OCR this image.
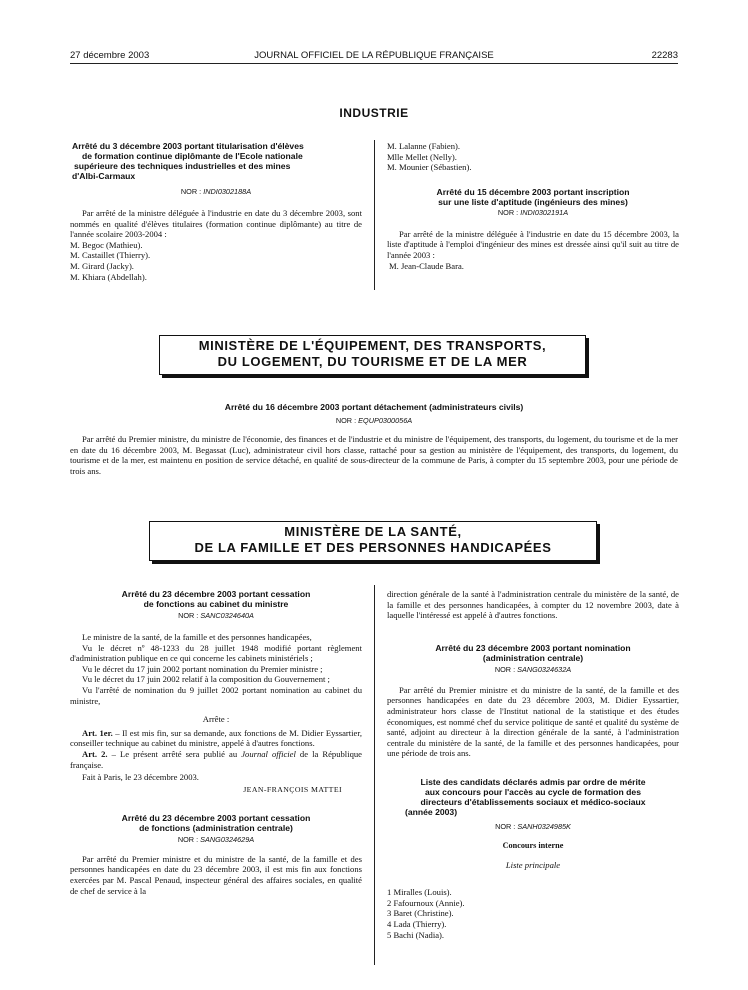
27 décembre 2003	JOURNAL OFFICIEL DE LA RÉPUBLIQUE FRANÇAISE	22283
INDUSTRIE
Arrêté du 3 décembre 2003 portant titularisation d'élèves
de formation continue diplômante de l'Ecole nationale
supérieure des techniques industrielles et des mines
d'Albi-Carmaux
NOR : INDI0302188A
Par arrêté de la ministre déléguée à l'industrie en date du 3 décembre 2003, sont nommés en qualité d'élèves titulaires (formation continue diplômante) au titre de l'année scolaire 2003-2004 :
M. Begoc (Mathieu).
M. Castaillet (Thierry).
M. Girard (Jacky).
M. Khiara (Abdellah).
M. Lalanne (Fabien).
Mlle Mellet (Nelly).
M. Mounier (Sébastien).
Arrêté du 15 décembre 2003 portant inscription
sur une liste d'aptitude (ingénieurs des mines)
NOR : INDI0302191A
Par arrêté de la ministre déléguée à l'industrie en date du 15 décembre 2003, la liste d'aptitude à l'emploi d'ingénieur des mines est dressée ainsi qu'il suit au titre de l'année 2003 :
M. Jean-Claude Bara.
MINISTÈRE DE L'ÉQUIPEMENT, DES TRANSPORTS,
DU LOGEMENT, DU TOURISME ET DE LA MER
Arrêté du 16 décembre 2003 portant détachement (administrateurs civils)
NOR : EQUP0300056A
Par arrêté du Premier ministre, du ministre de l'économie, des finances et de l'industrie et du ministre de l'équipement, des transports, du logement, du tourisme et de la mer en date du 16 décembre 2003, M. Begassat (Luc), administrateur civil hors classe, rattaché pour sa gestion au ministère de l'équipement, des transports, du logement, du tourisme et de la mer, est maintenu en position de service détaché, en qualité de sous-directeur de la commune de Paris, à compter du 15 septembre 2003, pour une période de trois ans.
MINISTÈRE DE LA SANTÉ,
DE LA FAMILLE ET DES PERSONNES HANDICAPÉES
Arrêté du 23 décembre 2003 portant cessation
de fonctions au cabinet du ministre
NOR : SANC0324640A
Le ministre de la santé, de la famille et des personnes handicapées,
Vu le décret nº 48-1233 du 28 juillet 1948 modifié portant règlement d'administration publique en ce qui concerne les cabinets ministériels ;
Vu le décret du 17 juin 2002 portant nomination du Premier ministre ;
Vu le décret du 17 juin 2002 relatif à la composition du Gouvernement ;
Vu l'arrêté de nomination du 9 juillet 2002 portant nomination au cabinet du ministre,
Arrête :
Art. 1er. – Il est mis fin, sur sa demande, aux fonctions de M. Didier Eyssartier, conseiller technique au cabinet du ministre, appelé à d'autres fonctions.
Art. 2. – Le présent arrêté sera publié au Journal officiel de la République française.
Fait à Paris, le 23 décembre 2003.
JEAN-FRANÇOIS MATTEI
Arrêté du 23 décembre 2003 portant cessation
de fonctions (administration centrale)
NOR : SANG0324629A
Par arrêté du Premier ministre et du ministre de la santé, de la famille et des personnes handicapées en date du 23 décembre 2003, il est mis fin aux fonctions exercées par M. Pascal Penaud, inspecteur général des affaires sociales, en qualité de chef de service à la
direction générale de la santé à l'administration centrale du ministère de la santé, de la famille et des personnes handicapées, à compter du 12 novembre 2003, date à laquelle l'intéressé est appelé à d'autres fonctions.
Arrêté du 23 décembre 2003 portant nomination
(administration centrale)
NOR : SANG0324632A
Par arrêté du Premier ministre et du ministre de la santé, de la famille et des personnes handicapées en date du 23 décembre 2003, M. Didier Eyssartier, administrateur hors classe de l'Institut national de la statistique et des études économiques, est nommé chef du service politique de santé et qualité du système de santé, adjoint au directeur à la direction générale de la santé, à l'administration centrale du ministère de la santé, de la famille et des personnes handicapées, pour une période de trois ans.
Liste des candidats déclarés admis par ordre de mérite
aux concours pour l'accès au cycle de formation des
directeurs d'établissements sociaux et médico-sociaux
(année 2003)
NOR : SANH0324985K
Concours interne
Liste principale
1 Miralles (Louis).
2 Fafournoux (Annie).
3 Baret (Christine).
4 Lada (Thierry).
5 Bachi (Nadia).
